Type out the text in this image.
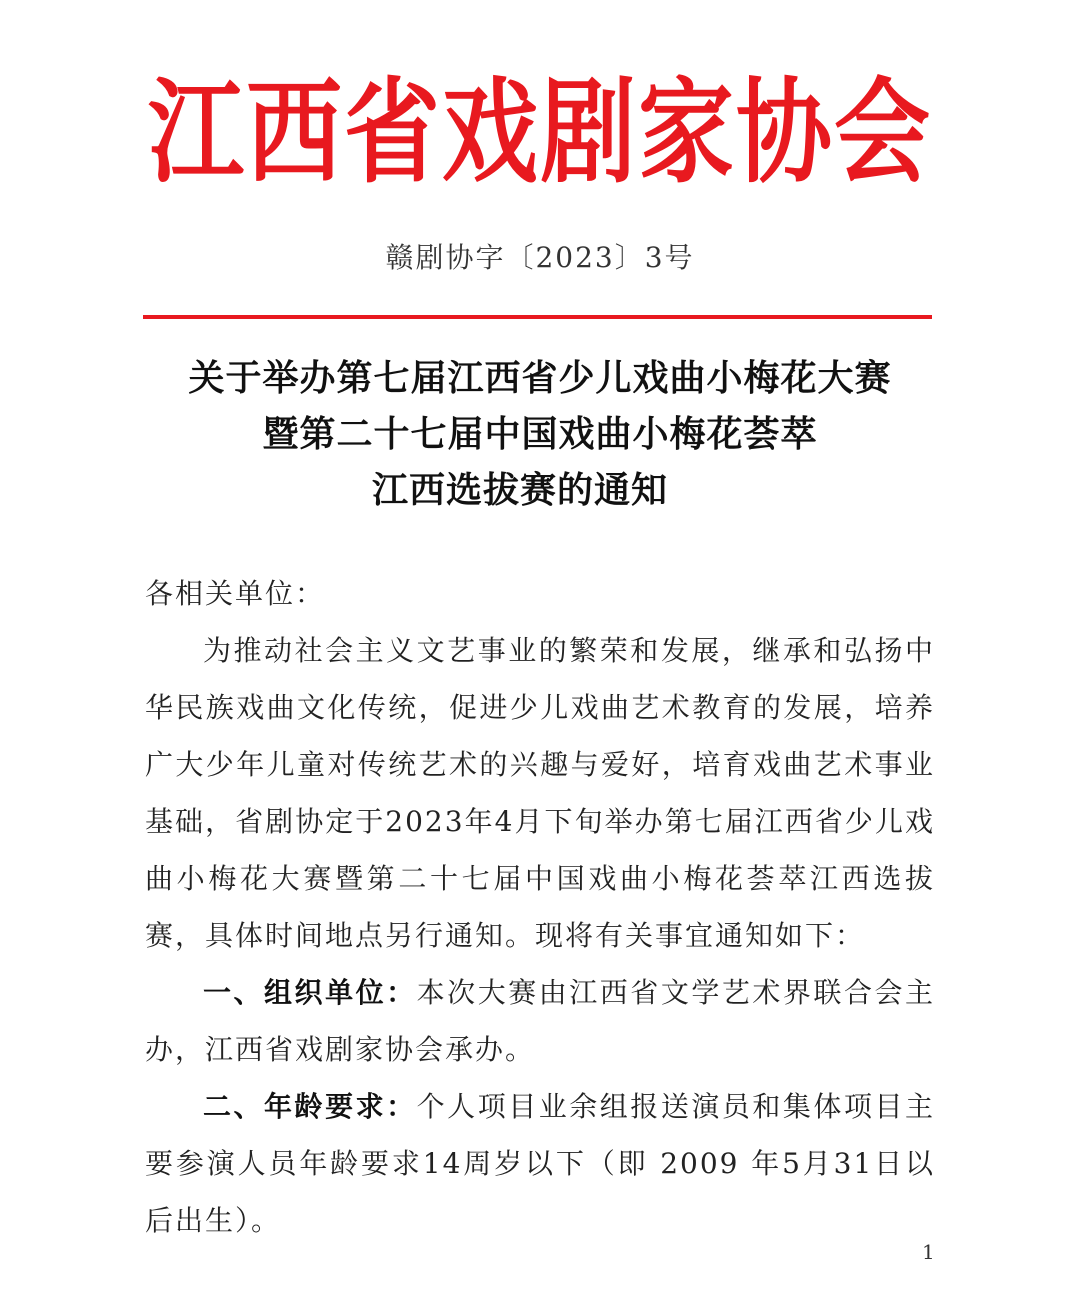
江西省戏剧家协会
赣剧协字〔2023〕3号
关于举办第七届江西省少儿戏曲小梅花大赛
暨第二十七届中国戏曲小梅花荟萃
江西选拔赛的通知

各相关单位：

为推动社会主义文艺事业的繁荣和发展，继承和弘扬中华民族戏曲文化传统，促进少儿戏曲艺术教育的发展，培养广大少年儿童对传统艺术的兴趣与爱好，培育戏曲艺术事业基础，省剧协定于2023年4月下旬举办第七届江西省少儿戏曲小梅花大赛暨第二十七届中国戏曲小梅花荟萃江西选拔赛，具体时间地点另行通知。现将有关事宜通知如下：

一、组织单位：本次大赛由江西省文学艺术界联合会主办，江西省戏剧家协会承办。

二、年龄要求：个人项目业余组报送演员和集体项目主要参演人员年龄要求14周岁以下（即 2009 年5月31日以后出生）。

1
